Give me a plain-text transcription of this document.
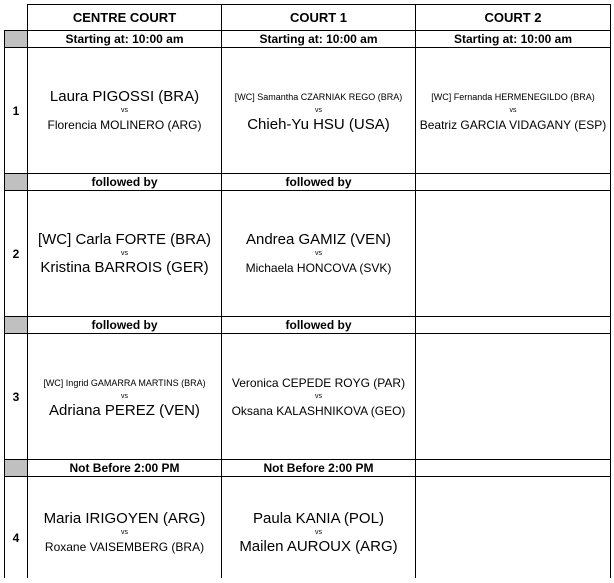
	CENTRE COURT	COURT 1	COURT 2
	Starting at: 10:00 am	Starting at: 10:00 am	Starting at: 10:00 am
1	Laura PIGOSSI (BRA)
vs
Florencia MOLINERO (ARG)	[WC] Samantha CZARNIAK REGO (BRA)
vs
Chieh-Yu HSU (USA)	[WC] Fernanda HERMENEGILDO (BRA)
vs
Beatriz GARCIA VIDAGANY (ESP)

	followed by	followed by	
2	[WC] Carla FORTE (BRA)
vs
Kristina BARROIS (GER)	Andrea GAMIZ (VEN)
vs
Michaela HONCOVA (SVK)	

	followed by	followed by	
3	[WC] Ingrid GAMARRA MARTINS (BRA)
vs
Adriana PEREZ (VEN)	Veronica CEPEDE ROYG (PAR)
vs
Oksana KALASHNIKOVA (GEO)	

	Not Before 2:00 PM	Not Before 2:00 PM	

4	Maria IRIGOYEN (ARG)
vs
Roxane VAISEMBERG (BRA)	Paula KANIA (POL)
vs
Mailen AUROUX (ARG)	
